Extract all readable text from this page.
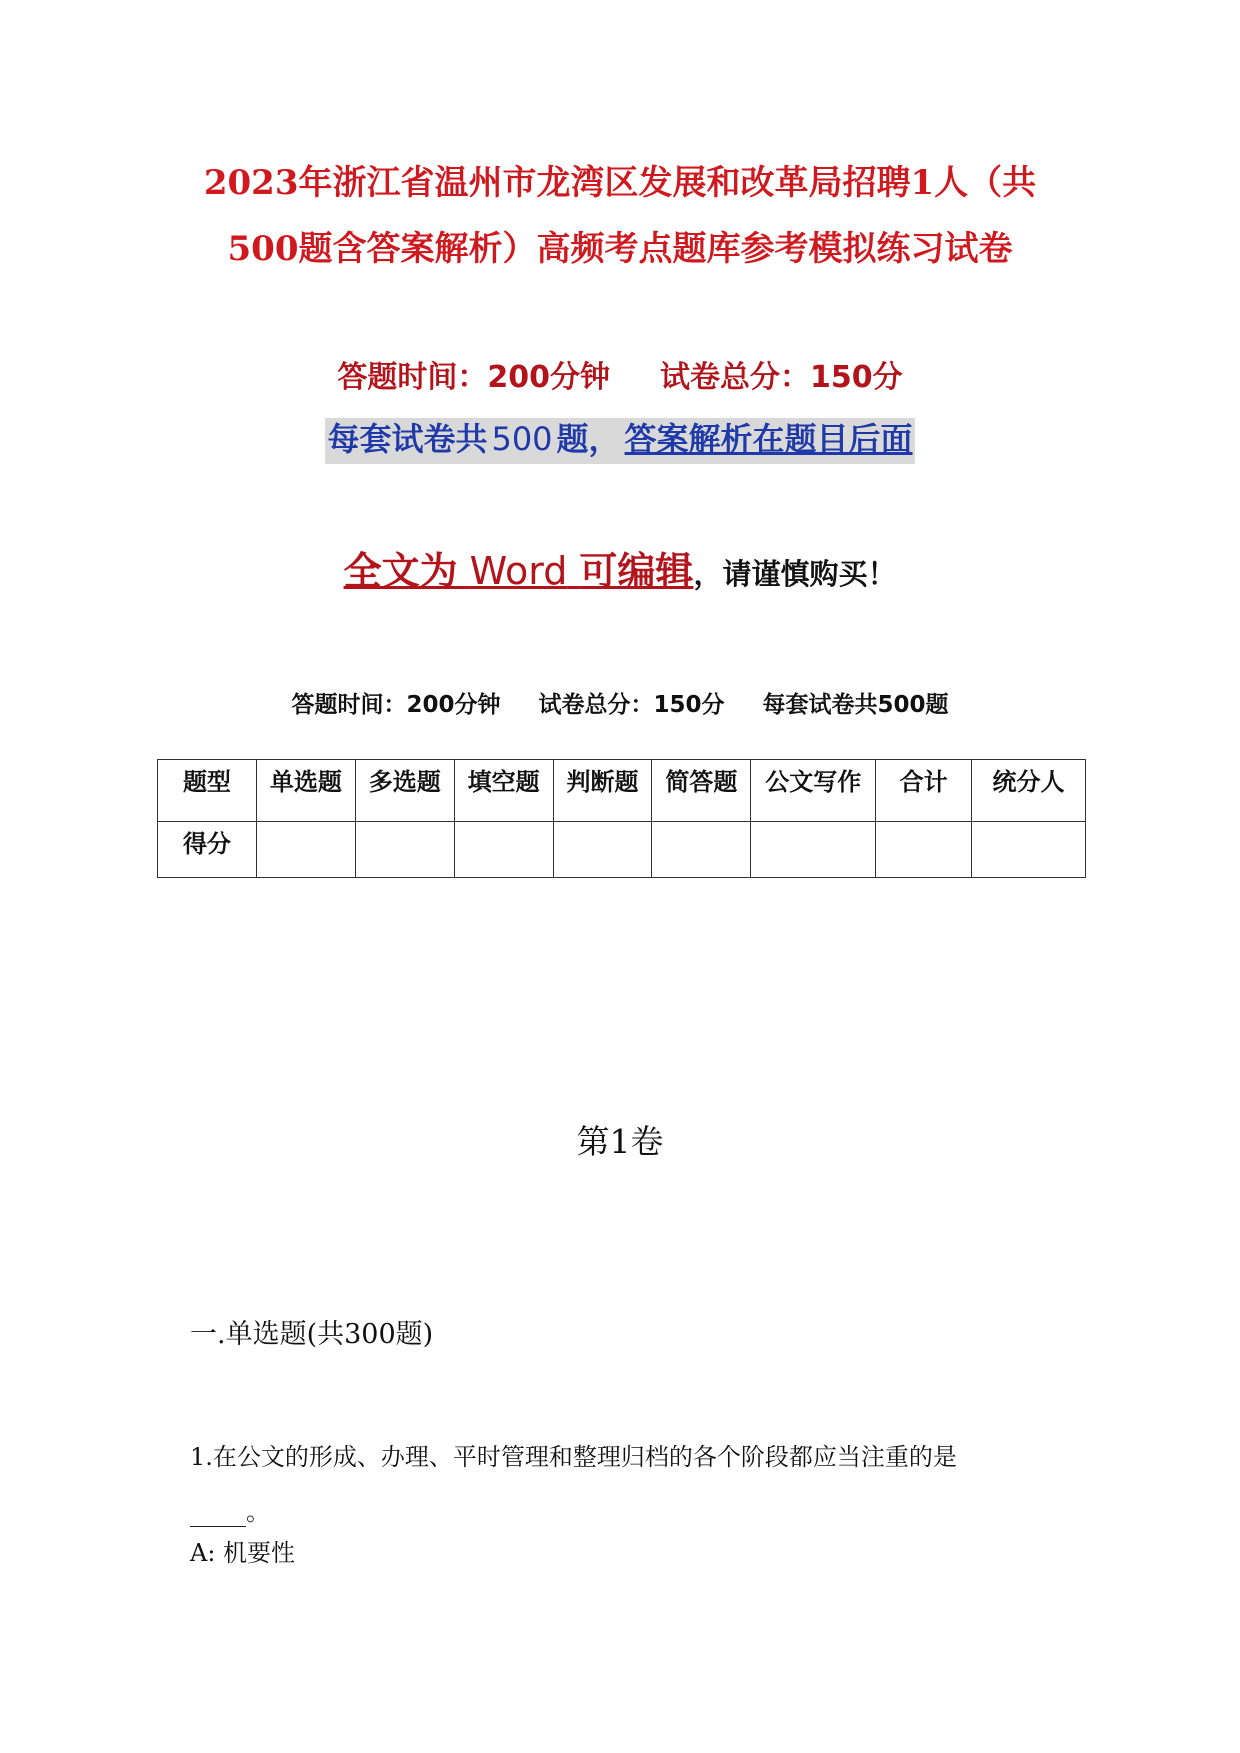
2023年浙江省温州市龙湾区发展和改革局招聘1人（共
500题含答案解析）高频考点题库参考模拟练习试卷
答题时间：200分钟 试卷总分：150分
每套试卷共 500 题， 答案解析在题目后面
全文为 Word 可编辑，请谨慎购买！
答题时间：200分钟 试卷总分：150分 每套试卷共500题
题型	单选题	多选题	填空题	判断题	简答题	公文写作	合计	统分人
得分								
第1卷
一.单选题(共300题)
1.在公文的形成、办理、平时管理和整理归档的各个阶段都应当注重的是
。
A: 机要性
